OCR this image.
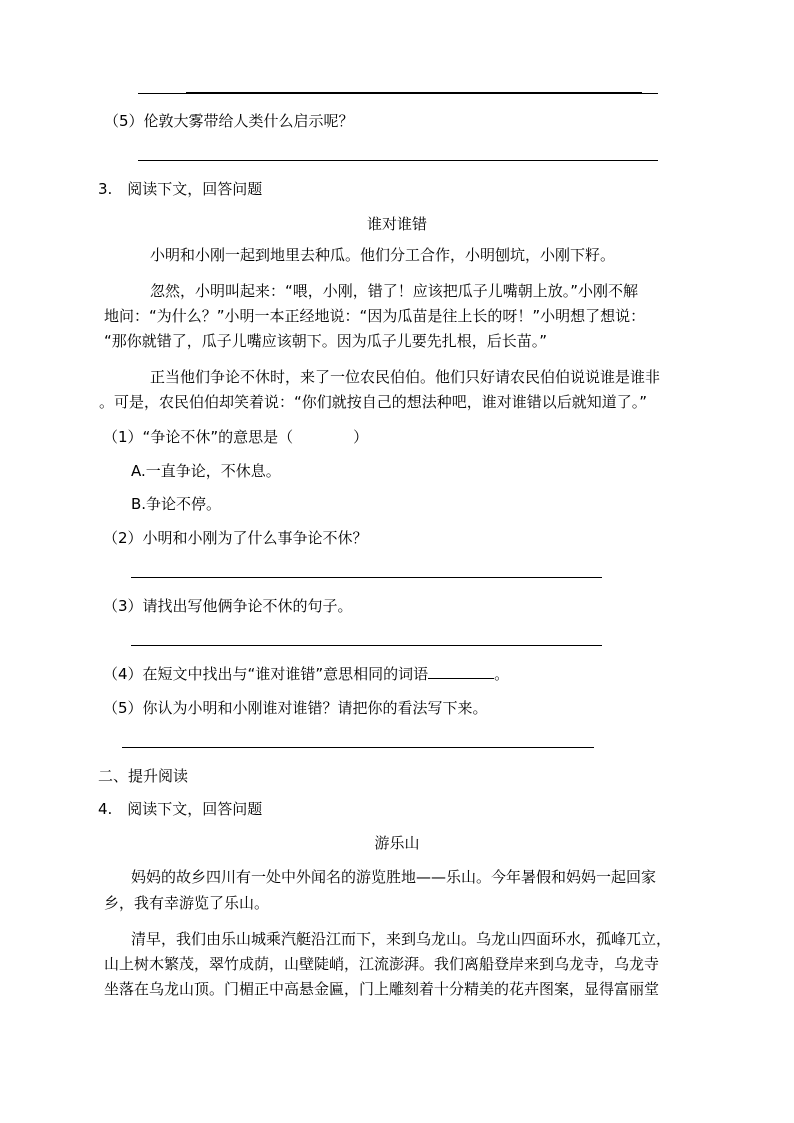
（5）伦敦大雾带给人类什么启示呢？
3.　阅读下文，回答问题
谁对谁错
小明和小刚一起到地里去种瓜。他们分工合作，小明刨坑，小刚下籽。
忽然，小明叫起来：“喂，小刚，错了！应该把瓜子儿嘴朝上放。”小刚不解
地问：“为什么？”小明一本正经地说：“因为瓜苗是往上长的呀！”小明想了想说：
“那你就错了，瓜子儿嘴应该朝下。因为瓜子儿要先扎根，后长苗。”
正当他们争论不休时，来了一位农民伯伯。他们只好请农民伯伯说说谁是谁非
。可是，农民伯伯却笑着说：“你们就按自己的想法种吧，谁对谁错以后就知道了。”
（1）“争论不休”的意思是（　　　　）
A.一直争论，不休息。
B.争论不停。
（2）小明和小刚为了什么事争论不休？
（3）请找出写他俩争论不休的句子。
（4）在短文中找出与“谁对谁错”意思相同的词语	。
（5）你认为小明和小刚谁对谁错？请把你的看法写下来。
二、提升阅读
4.　阅读下文，回答问题
游乐山
妈妈的故乡四川有一处中外闻名的游览胜地——乐山。今年暑假和妈妈一起回家
乡，我有幸游览了乐山。
清早，我们由乐山城乘汽艇沿江而下，来到乌龙山。乌龙山四面环水，孤峰兀立，
山上树木繁茂，翠竹成荫，山壁陡峭，江流澎湃。我们离船登岸来到乌龙寺，乌龙寺
坐落在乌龙山顶。门楣正中高悬金匾，门上雕刻着十分精美的花卉图案，显得富丽堂
